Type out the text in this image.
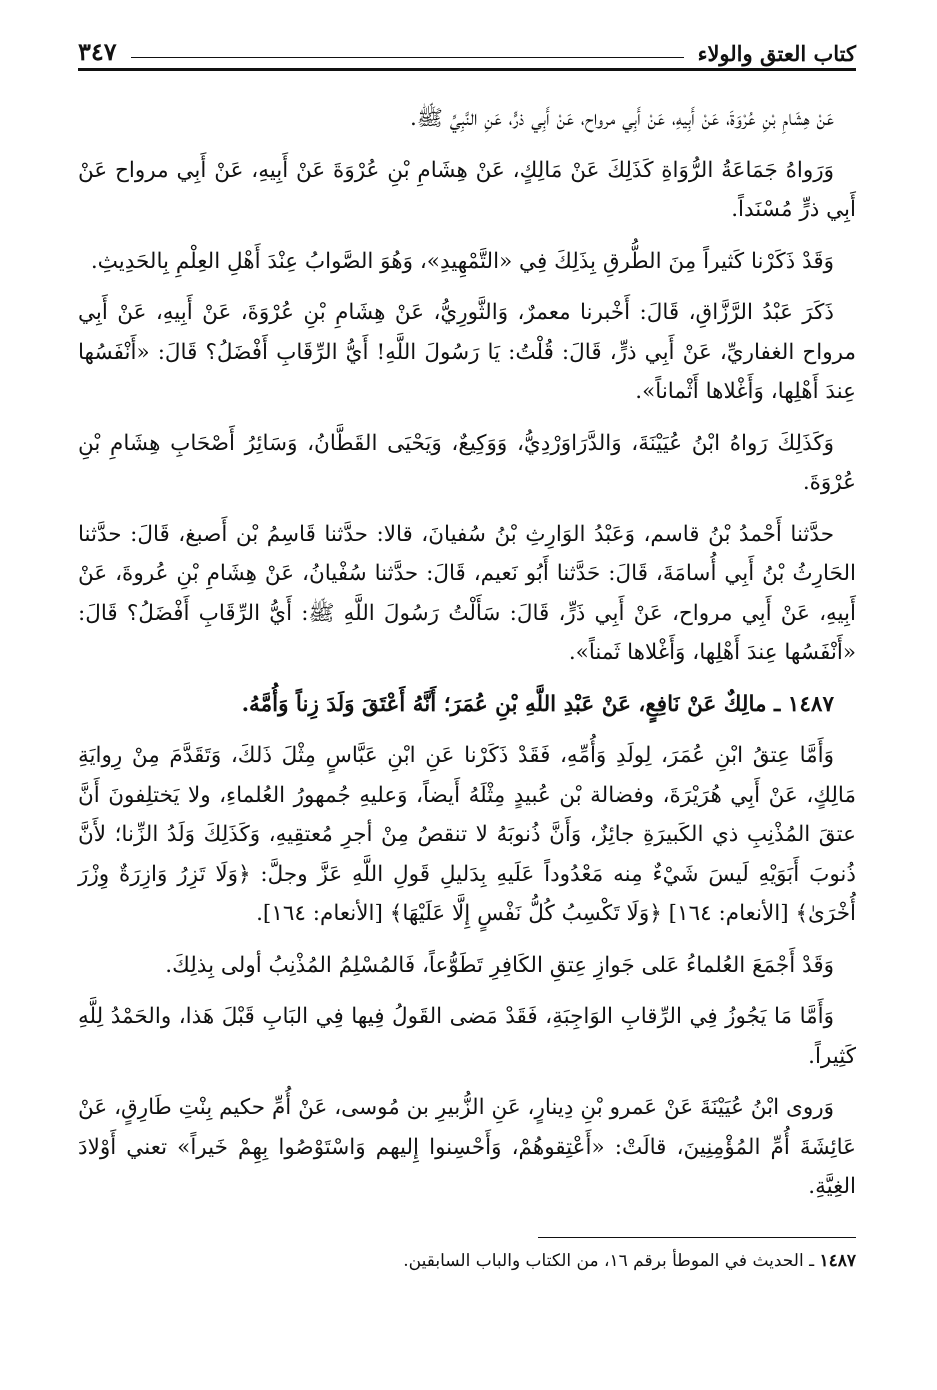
كتاب العتق والولاء
٣٤٧

عَنْ هِشَامِ بْنِ عُرْوَةَ، عَنْ أَبِيهِ، عَنْ أَبِي مرواح، عَنْ أَبِي ذرٍّ، عَنِ النَّبِيِّ ﷺ.

وَرَواهُ جَمَاعَةُ الرُّوَاةِ كَذَلِكَ عَنْ مَالِكٍ، عَنْ هِشَامِ بْنِ عُرْوَةَ عَنْ أَبِيهِ، عَنْ أَبِي مرواح عَنْ أَبِي ذرٍّ مُسْنَداً.

وَقَدْ ذَكَرْنا كَثيراً مِنَ الطُّرقِ بِذَلِكَ فِي «التَّمْهِيدِ»، وَهُوَ الصَّوابُ عِنْدَ أَهْلِ العِلْمِ بِالحَدِيثِ.

ذَكَرَ عَبْدُ الرَّزَّاقِ، قَالَ: أَخْبرنا معمرٌ، وَالثَّورِيُّ، عَنْ هِشَامِ بْنِ عُرْوَةَ، عَنْ أَبِيهِ، عَنْ أَبِي مرواح الغفاريِّ، عَنْ أَبِي ذرٍّ، قَالَ: قُلْتُ: يَا رَسُولَ اللَّهِ! أَيُّ الرِّقَابِ أَفْضَلُ؟ قَالَ: «أَنْفَسُها عِندَ أَهْلِها، وَأَغْلاها أَثْماناً».

وَكَذَلِكَ رَواهُ ابْنُ عُيَيْنَةَ، وَالدَّرَاوَرْدِيُّ، وَوَكِيعٌ، وَيَحْيَى القَطَّانُ، وَسَائِرُ أَصْحَابِ هِشَامِ بْنِ عُرْوَةَ.

حدَّثنا أَحْمدُ بْنُ قاسم، وَعَبْدُ الوَارِثِ بْنُ سُفيانَ، قالا: حدَّثنا قَاسِمُ بْن أَصبغ، قَالَ: حدَّثنا الحَارِثُ بْنُ أَبِي أُسامَةَ، قَالَ: حَدَّثنا أَبُو نَعيم، قَالَ: حدَّثنا سُفْيانُ، عَنْ هِشَامِ بْنِ عُروةَ، عَنْ أَبِيهِ، عَنْ أَبِي مرواح، عَنْ أَبِي ذَرٍّ، قَالَ: سَأَلْتُ رَسُولَ اللَّهِ ﷺ: أَيُّ الرِّقَابِ أَفْضَلُ؟ قَالَ: «أَنْفَسُها عِندَ أَهْلِها، وَأَغْلاها ثَمناً».

١٤٨٧ ـ مالِكٌ عَنْ نَافِعٍ، عَنْ عَبْدِ اللَّهِ بْنِ عُمَرَ؛ أَنَّهُ أَعْتَقَ وَلَدَ زِناً وَأُمَّهُ.

وَأَمَّا عِتقُ ابْنِ عُمَرَ، لِولَدِ وَأُمِّهِ، فَقَدْ ذَكَرْنا عَنِ ابْنِ عَبَّاسٍ مِثْلَ ذَلكَ، وَتَقَدَّمَ مِنْ رِوايَةِ مَالِكٍ، عَنْ أَبِي هُرَيْرَةَ، وفضالة بْن عُبيدٍ مِثْلَهُ أَيضاً، وَعليهِ جُمهورُ العُلماءِ، ولا يَختلِفونَ أَنَّ عتقَ المُذْنِبِ ذي الكَبيرَةِ جائِزٌ، وَأَنَّ ذُنوبَهُ لا تنقصُ مِنْ أجرِ مُعتقِيهِ، وَكَذَلِكَ وَلَدُ الزِّنا؛ لأَنَّ ذُنوبَ أَبَوَيْهِ لَيسَ شَيْءٌ مِنه مَعْدُوداً عَلَيهِ بِدَليلِ قَولِ اللَّهِ عَزَّ وجلَّ: ﴿وَلَا تَزِرُ وَازِرَةٌ وِزْرَ أُخْرَىٰ﴾ [الأنعام: ١٦٤] ﴿وَلَا تَكْسِبُ كُلُّ نَفْسٍ إِلَّا عَلَيْهَا﴾ [الأنعام: ١٦٤].

وَقَدْ أَجْمَعَ العُلماءُ عَلى جَوازِ عِتقِ الكَافِرِ تَطَوُّعاً، فَالمُسْلِمُ المُذْنِبُ أولى بِذلِكَ.

وَأَمَّا مَا يَجُوزُ فِي الرِّقابِ الوَاجِبَةِ، فَقَدْ مَضى القَولُ فِيها فِي البَابِ قَبْلَ هَذا، والحَمْدُ لِلَّهِ كَثِيراً.

وَروى ابْنُ عُيَيْنَةَ عَنْ عَمرو بْنِ دِينارٍ، عَنِ الزُّبيرِ بن مُوسى، عَنْ أُمِّ حكيم بِنْتِ طَارِقٍ، عَنْ عَائِشَةَ أُمِّ المُؤْمِنِينَ، قالَتْ: «أَعْتِقوهُمْ، وَأَحْسِنوا إِليهم وَاسْتَوْصُوا بِهِمْ خَيراً» تعني أَوْلادَ الغِيَّةِ.

١٤٨٧ ـ الحديث في الموطأ برقم ١٦، من الكتاب والباب السابقين.
